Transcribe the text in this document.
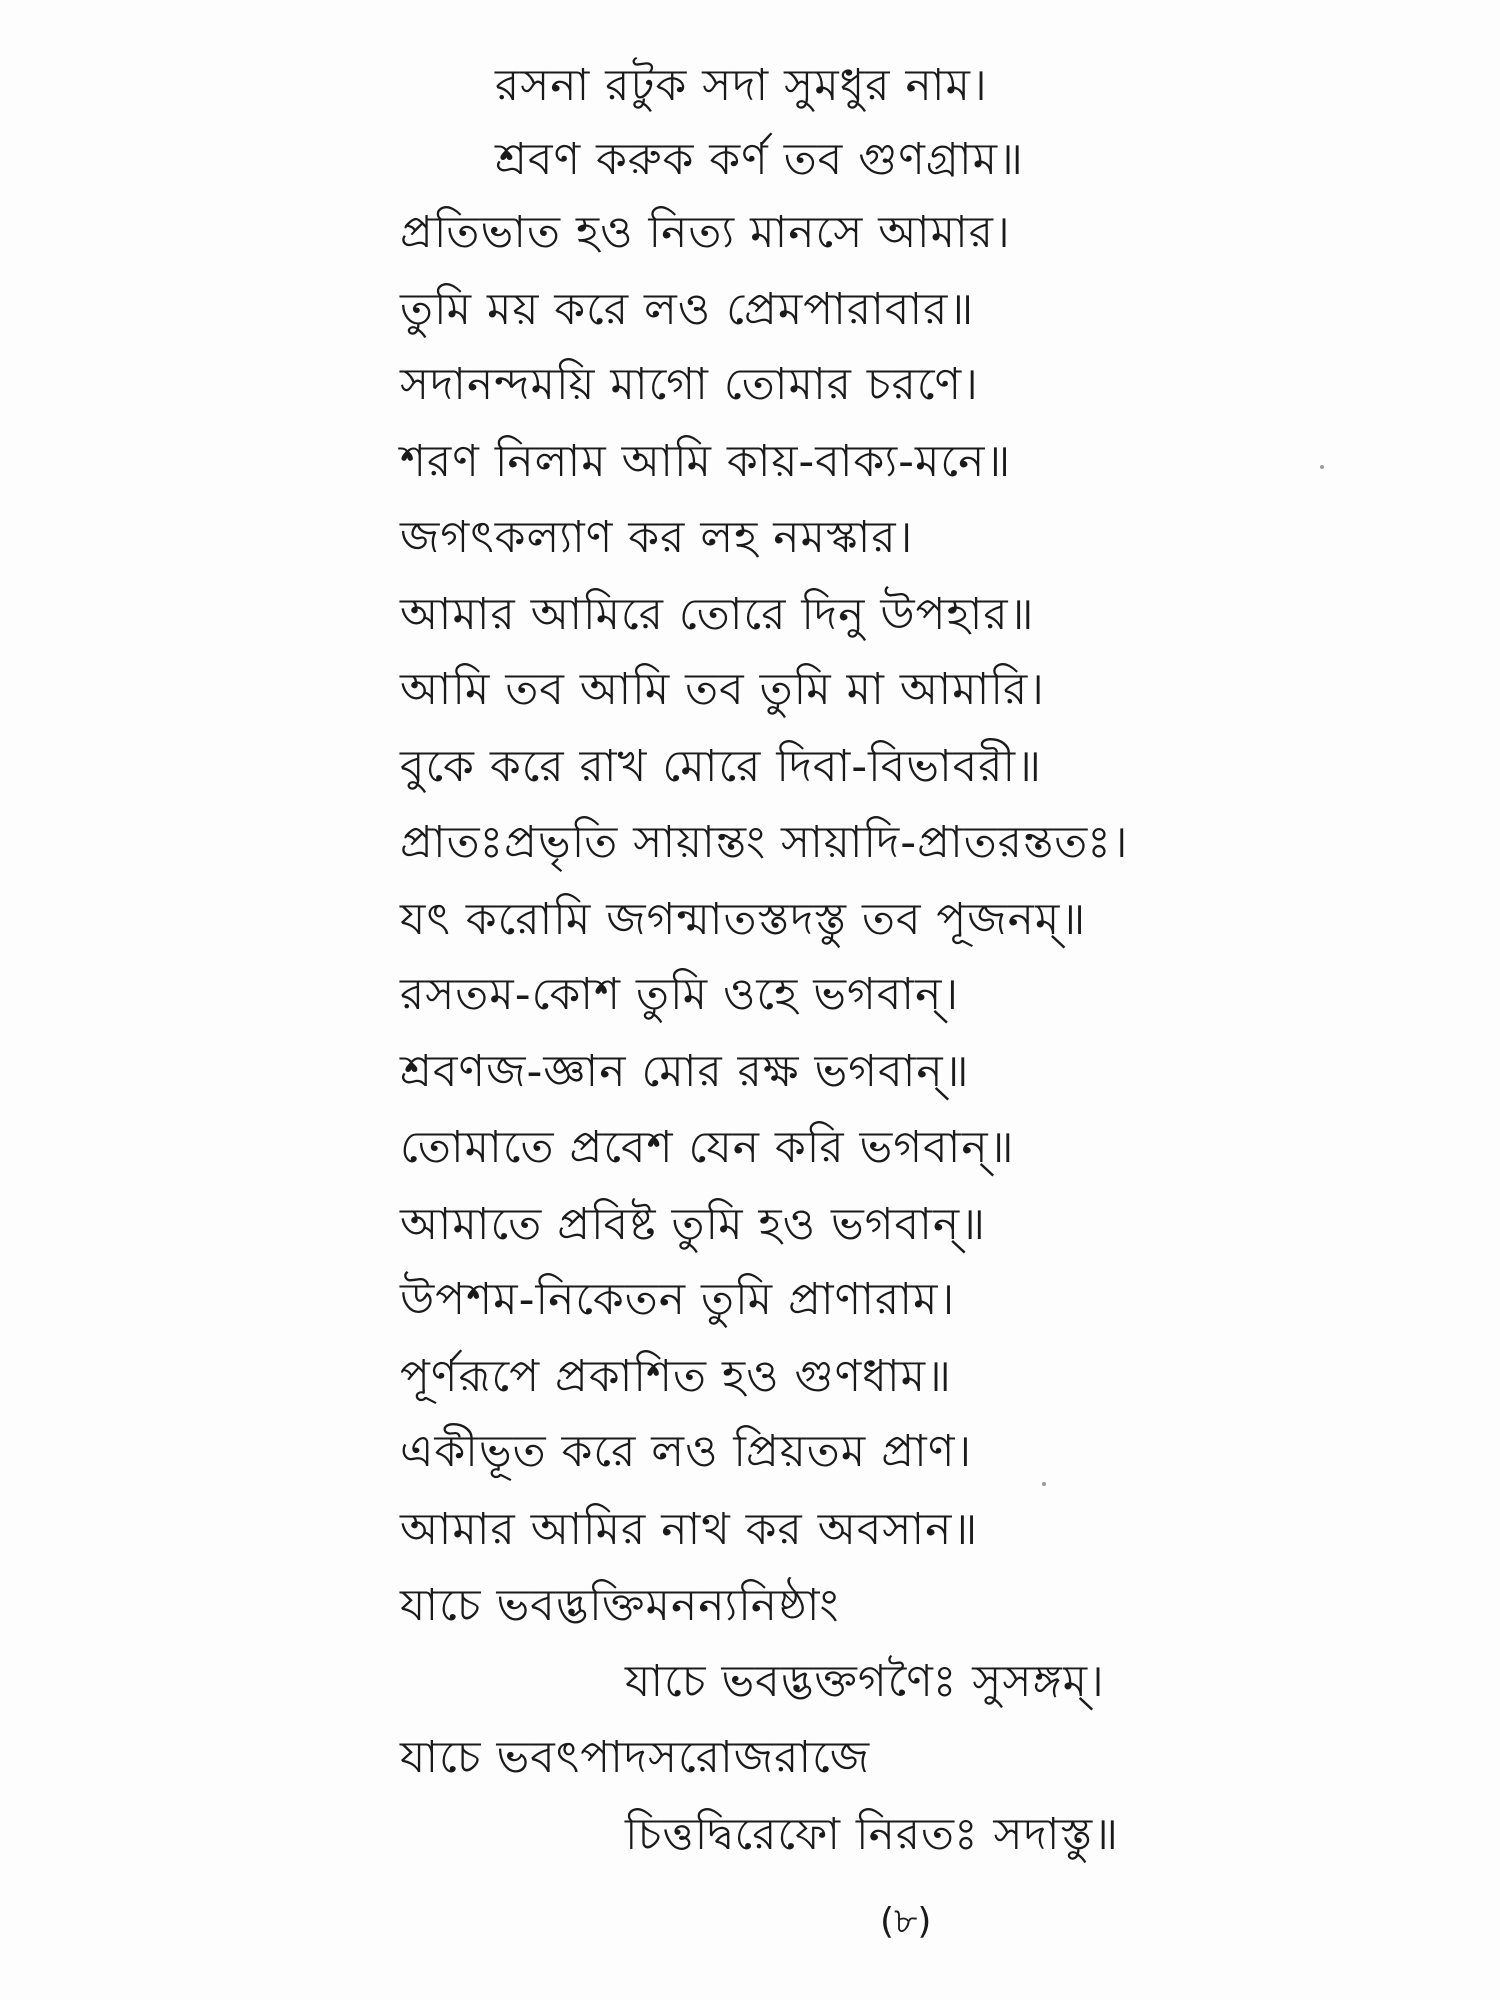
রসনা রটুক সদা সুমধুর নাম।
শ্রবণ করুক কর্ণ তব গুণগ্রাম॥
প্রতিভাত হও নিত্য মানসে আমার।
তুমি ময় করে লও প্রেমপারাবার॥
সদানন্দময়ি মাগো তোমার চরণে।
শরণ নিলাম আমি কায়-বাক্য-মনে॥
জগৎকল্যাণ কর লহ নমস্কার।
আমার আমিরে তোরে দিনু উপহার॥
আমি তব আমি তব তুমি মা আমারি।
বুকে করে রাখ মোরে দিবা-বিভাবরী॥
প্রাতঃপ্রভৃতি সায়ান্তং সায়াদি-প্রাতরন্ততঃ।
যৎ করোমি জগন্মাতস্তদস্তু তব পূজনম্॥
রসতম-কোশ তুমি ওহে ভগবান্।
শ্রবণজ-জ্ঞান মোর রক্ষ ভগবান্॥
তোমাতে প্রবেশ যেন করি ভগবান্॥
আমাতে প্রবিষ্ট তুমি হও ভগবান্॥
উপশম-নিকেতন তুমি প্রাণারাম।
পূর্ণরূপে প্রকাশিত হও গুণধাম॥
একীভূত করে লও প্রিয়তম প্রাণ।
আমার আমির নাথ কর অবসান॥
যাচে ভবদ্ভক্তিমনন্যনিষ্ঠাং
যাচে ভবদ্ভক্তগণৈঃ সুসঙ্গম্।
যাচে ভবৎপাদসরোজরাজে
চিত্তদ্বিরেফো নিরতঃ সদাস্তু॥
(৮)
